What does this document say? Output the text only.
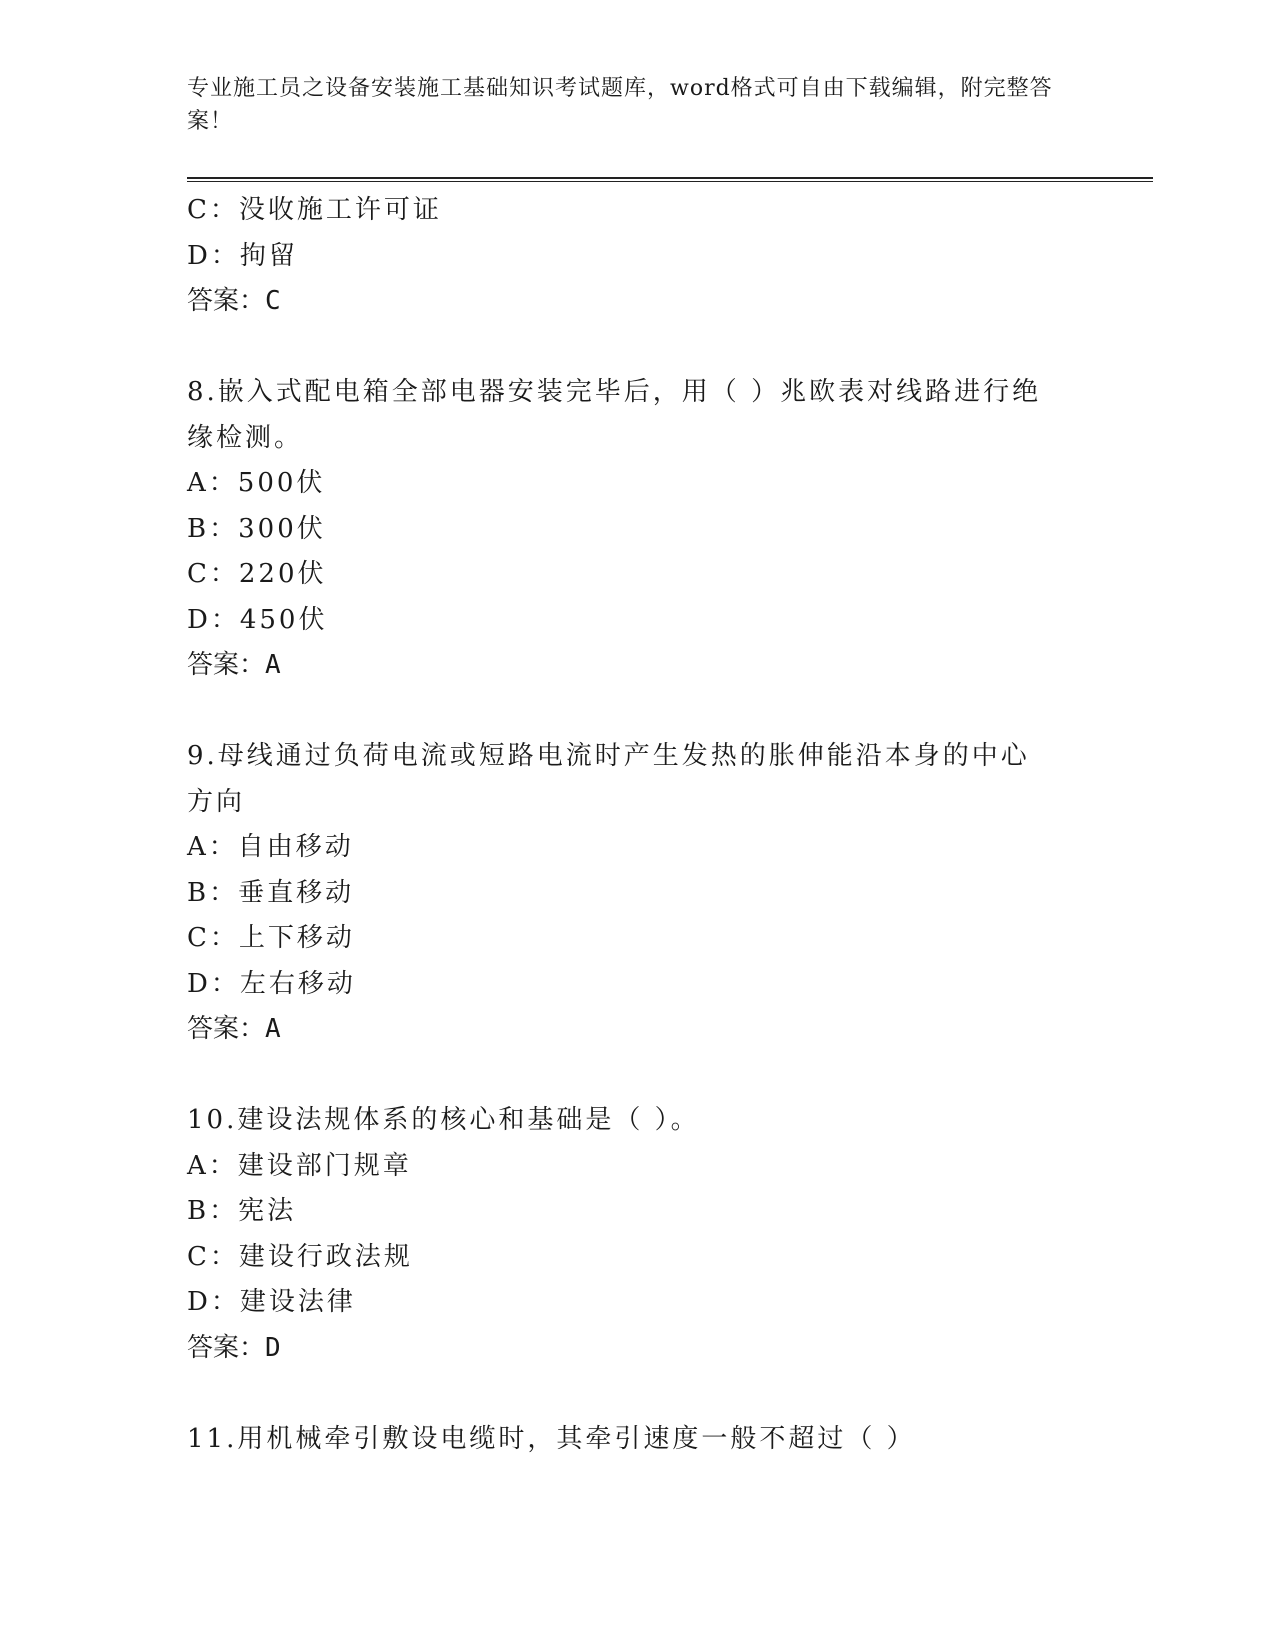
专业施工员之设备安装施工基础知识考试题库，word格式可自由下载编辑，附完整答案！
C：没收施工许可证
D：拘留
答案：C
8.嵌入式配电箱全部电器安装完毕后，用（ ）兆欧表对线路进行绝缘检测。
A：500伏
B：300伏
C：220伏
D：450伏
答案：A
9.母线通过负荷电流或短路电流时产生发热的胀伸能沿本身的中心方向
A：自由移动
B：垂直移动
C：上下移动
D：左右移动
答案：A
10.建设法规体系的核心和基础是（ ）。
A：建设部门规章
B：宪法
C：建设行政法规
D：建设法律
答案：D
11.用机械牵引敷设电缆时，其牵引速度一般不超过（ ）
